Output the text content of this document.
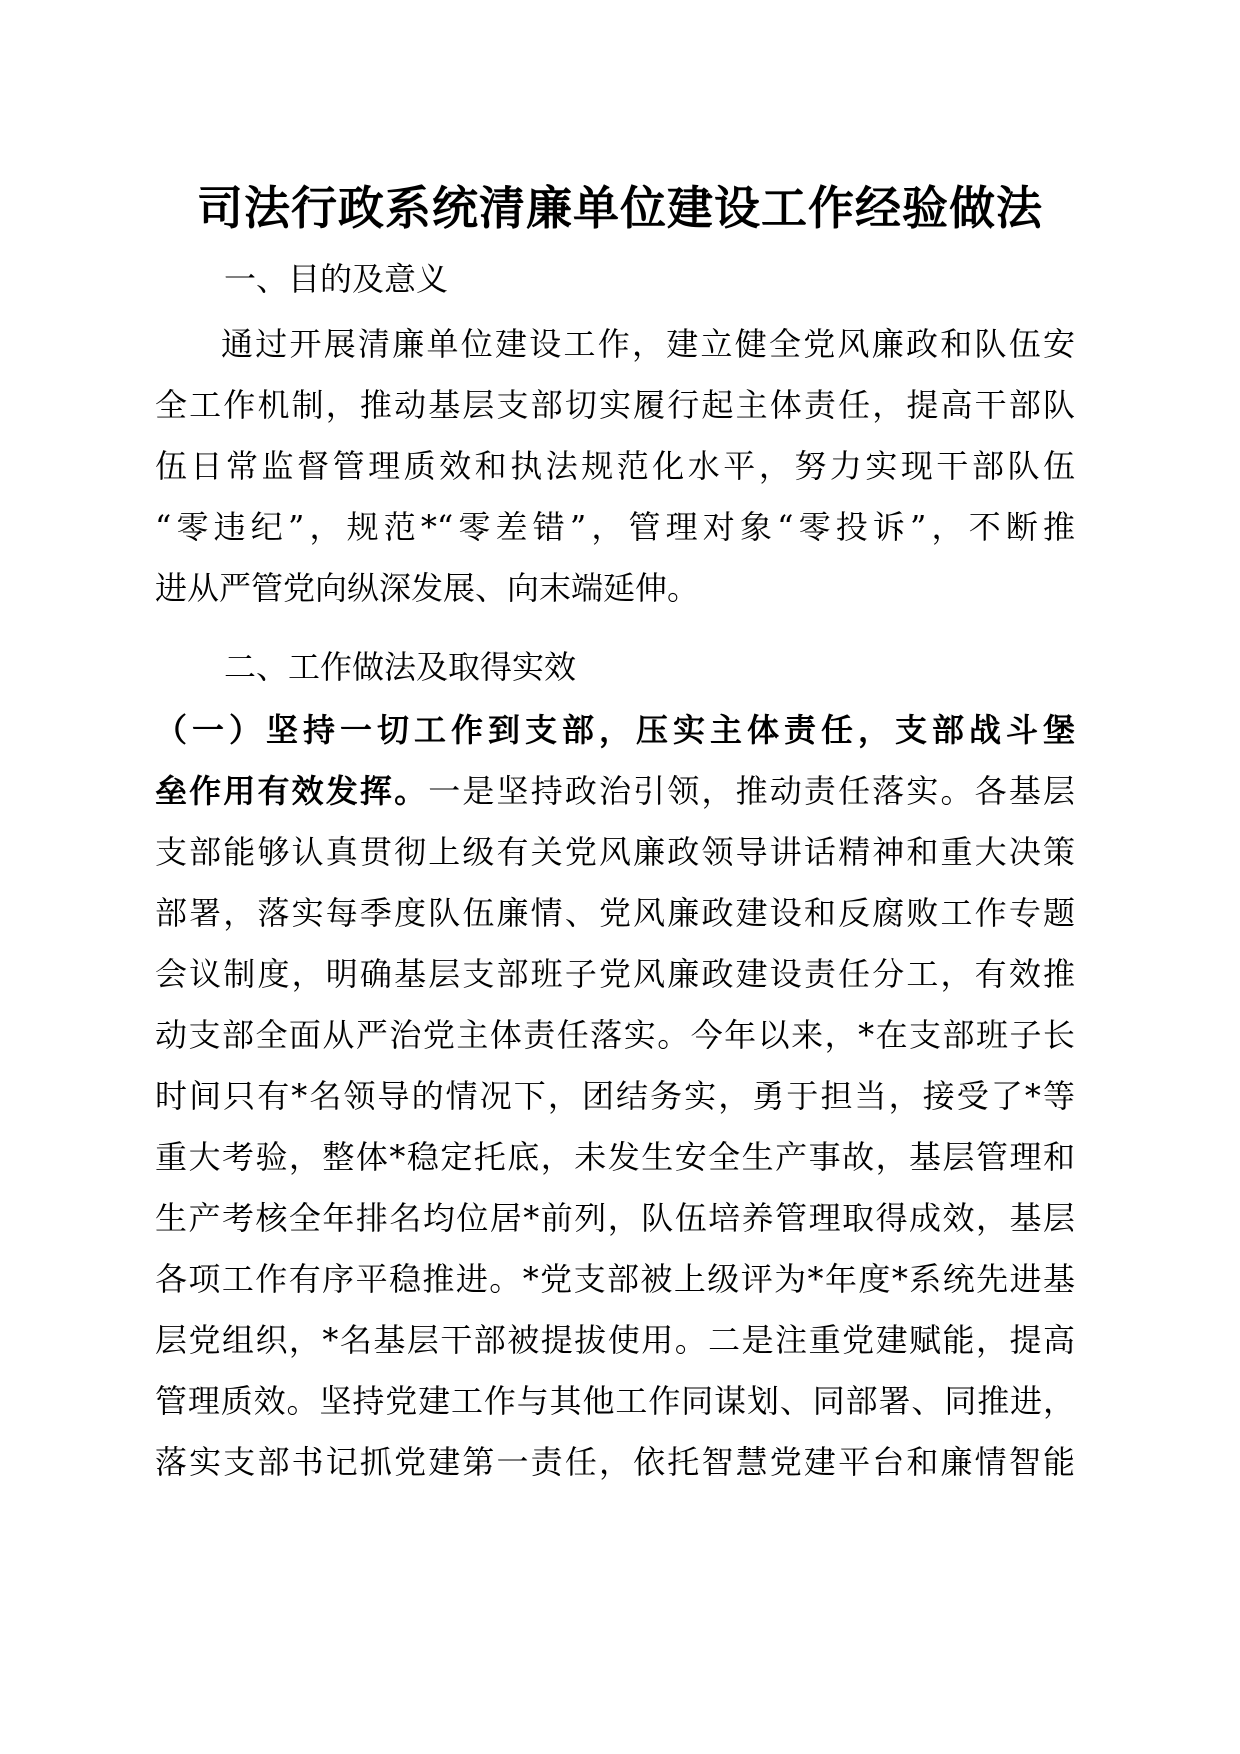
司法行政系统清廉单位建设工作经验做法
一、目的及意义
通过开展清廉单位建设工作，建立健全党风廉政和队伍安
全工作机制，推动基层支部切实履行起主体责任，提高干部队
伍日常监督管理质效和执法规范化水平，努力实现干部队伍
“零违纪”，规范*“零差错”，管理对象“零投诉”，不断推
进从严管党向纵深发展、向末端延伸。
二、工作做法及取得实效
（一）坚持一切工作到支部，压实主体责任，支部战斗堡
垒作用有效发挥。一是坚持政治引领，推动责任落实。各基层
支部能够认真贯彻上级有关党风廉政领导讲话精神和重大决策
部署，落实每季度队伍廉情、党风廉政建设和反腐败工作专题
会议制度，明确基层支部班子党风廉政建设责任分工，有效推
动支部全面从严治党主体责任落实。今年以来，*在支部班子长
时间只有*名领导的情况下，团结务实，勇于担当，接受了*等
重大考验，整体*稳定托底，未发生安全生产事故，基层管理和
生产考核全年排名均位居*前列，队伍培养管理取得成效，基层
各项工作有序平稳推进。*党支部被上级评为*年度*系统先进基
层党组织，*名基层干部被提拔使用。二是注重党建赋能，提高
管理质效。坚持党建工作与其他工作同谋划、同部署、同推进，
落实支部书记抓党建第一责任，依托智慧党建平台和廉情智能
